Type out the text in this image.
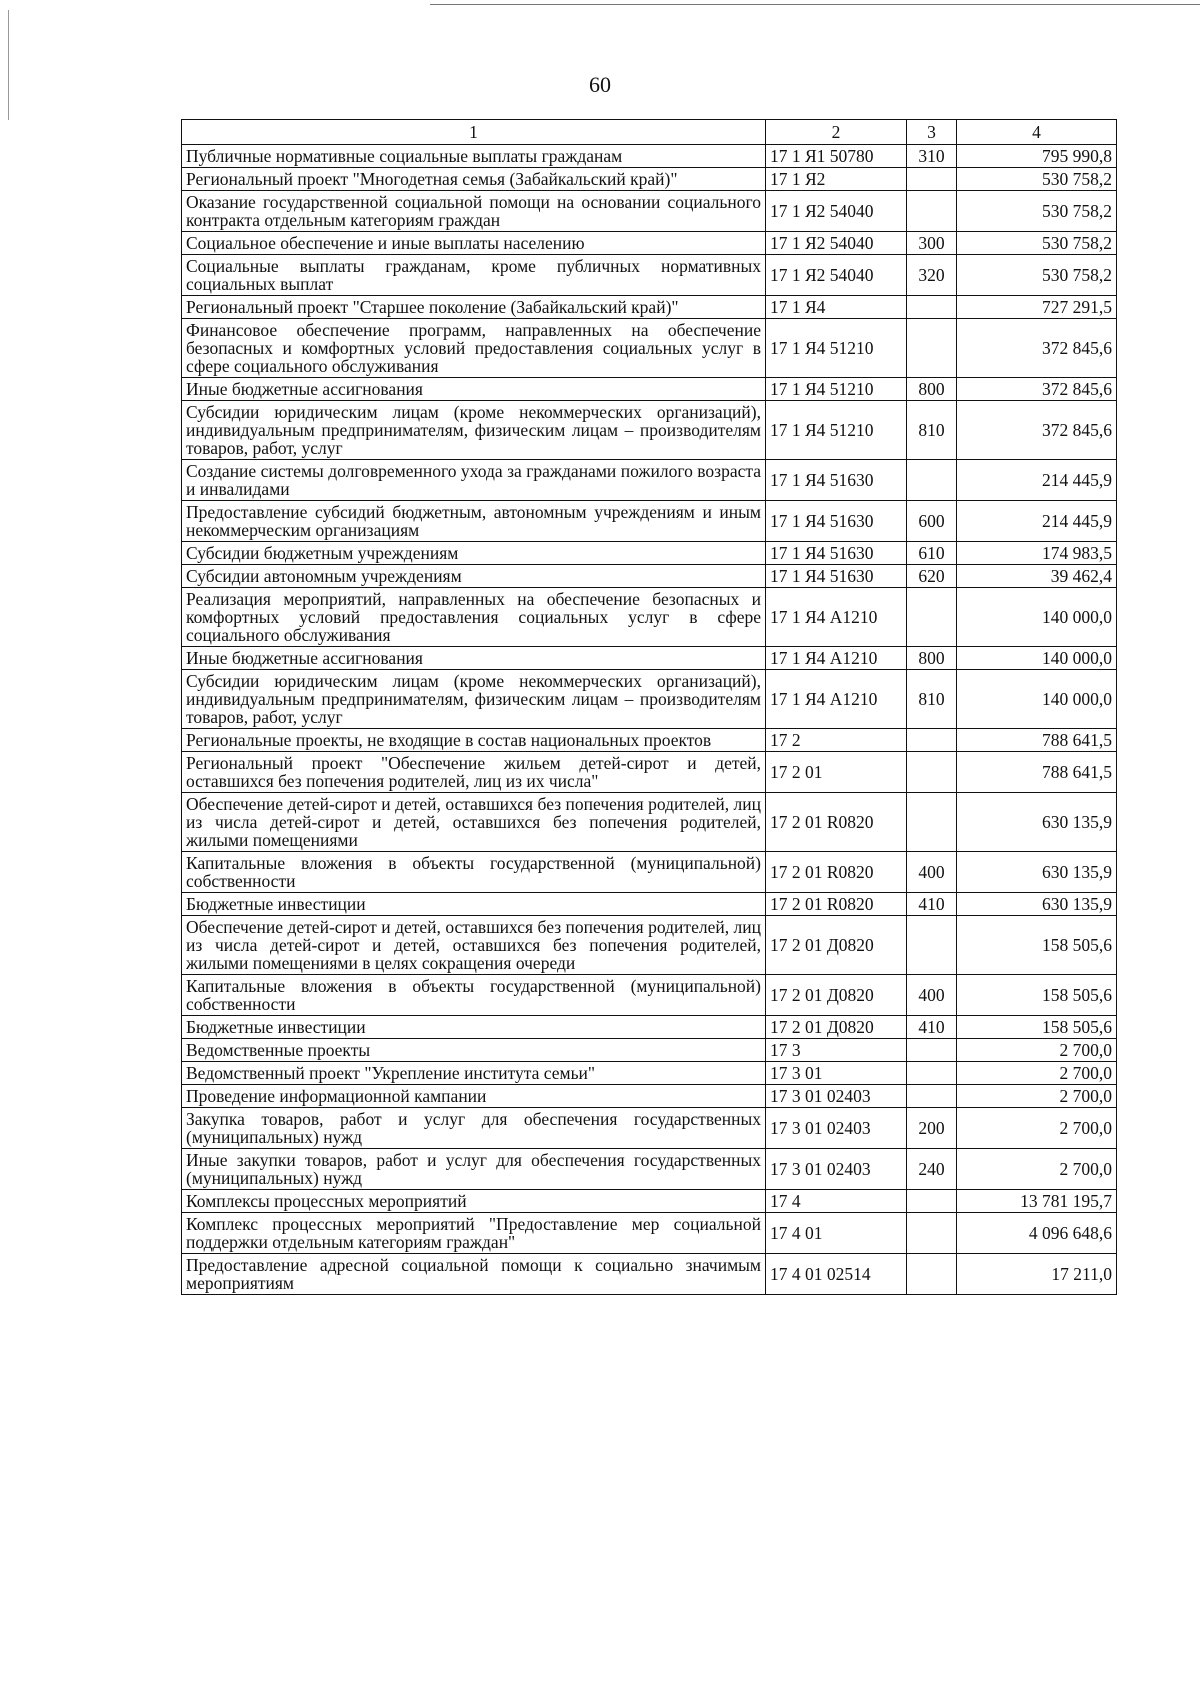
60
1	2	3	4
Публичные нормативные социальные выплаты гражданам	17 1 Я1 50780	310	795 990,8
Региональный проект "Многодетная семья (Забайкальский край)"	17 1 Я2		530 758,2
Оказание государственной социальной помощи на основании социального контракта отдельным категориям граждан	17 1 Я2 54040		530 758,2
Социальное обеспечение и иные выплаты населению	17 1 Я2 54040	300	530 758,2
Социальные выплаты гражданам, кроме публичных нормативных социальных выплат	17 1 Я2 54040	320	530 758,2
Региональный проект "Старшее поколение (Забайкальский край)"	17 1 Я4		727 291,5
Финансовое обеспечение программ, направленных на обеспечение безопасных и комфортных условий предоставления социальных услуг в сфере социального обслуживания	17 1 Я4 51210		372 845,6
Иные бюджетные ассигнования	17 1 Я4 51210	800	372 845,6
Субсидии юридическим лицам (кроме некоммерческих организаций), индивидуальным предпринимателям, физическим лицам – производителям товаров, работ, услуг	17 1 Я4 51210	810	372 845,6
Создание системы долговременного ухода за гражданами пожилого возраста и инвалидами	17 1 Я4 51630		214 445,9
Предоставление субсидий бюджетным, автономным учреждениям и иным некоммерческим организациям	17 1 Я4 51630	600	214 445,9
Субсидии бюджетным учреждениям	17 1 Я4 51630	610	174 983,5
Субсидии автономным учреждениям	17 1 Я4 51630	620	39 462,4
Реализация мероприятий, направленных на обеспечение безопасных и комфортных условий предоставления социальных услуг в сфере социального обслуживания	17 1 Я4 А1210		140 000,0
Иные бюджетные ассигнования	17 1 Я4 А1210	800	140 000,0
Субсидии юридическим лицам (кроме некоммерческих организаций), индивидуальным предпринимателям, физическим лицам – производителям товаров, работ, услуг	17 1 Я4 А1210	810	140 000,0
Региональные проекты, не входящие в состав национальных проектов	17 2		788 641,5
Региональный проект "Обеспечение жильем детей-сирот и детей, оставшихся без попечения родителей, лиц из их числа"	17 2 01		788 641,5
Обеспечение детей-сирот и детей, оставшихся без попечения родителей, лиц из числа детей-сирот и детей, оставшихся без попечения родителей, жилыми помещениями	17 2 01 R0820		630 135,9
Капитальные вложения в объекты государственной (муниципальной) собственности	17 2 01 R0820	400	630 135,9
Бюджетные инвестиции	17 2 01 R0820	410	630 135,9
Обеспечение детей-сирот и детей, оставшихся без попечения родителей, лиц из числа детей-сирот и детей, оставшихся без попечения родителей, жилыми помещениями в целях сокращения очереди	17 2 01 Д0820		158 505,6
Капитальные вложения в объекты государственной (муниципальной) собственности	17 2 01 Д0820	400	158 505,6
Бюджетные инвестиции	17 2 01 Д0820	410	158 505,6
Ведомственные проекты	17 3		2 700,0
Ведомственный проект "Укрепление института семьи"	17 3 01		2 700,0
Проведение информационной кампании	17 3 01 02403		2 700,0
Закупка товаров, работ и услуг для обеспечения государственных (муниципальных) нужд	17 3 01 02403	200	2 700,0
Иные закупки товаров, работ и услуг для обеспечения государственных (муниципальных) нужд	17 3 01 02403	240	2 700,0
Комплексы процессных мероприятий	17 4		13 781 195,7
Комплекс процессных мероприятий "Предоставление мер социальной поддержки отдельным категориям граждан"	17 4 01		4 096 648,6
Предоставление адресной социальной помощи к социально значимым мероприятиям	17 4 01 02514		17 211,0
